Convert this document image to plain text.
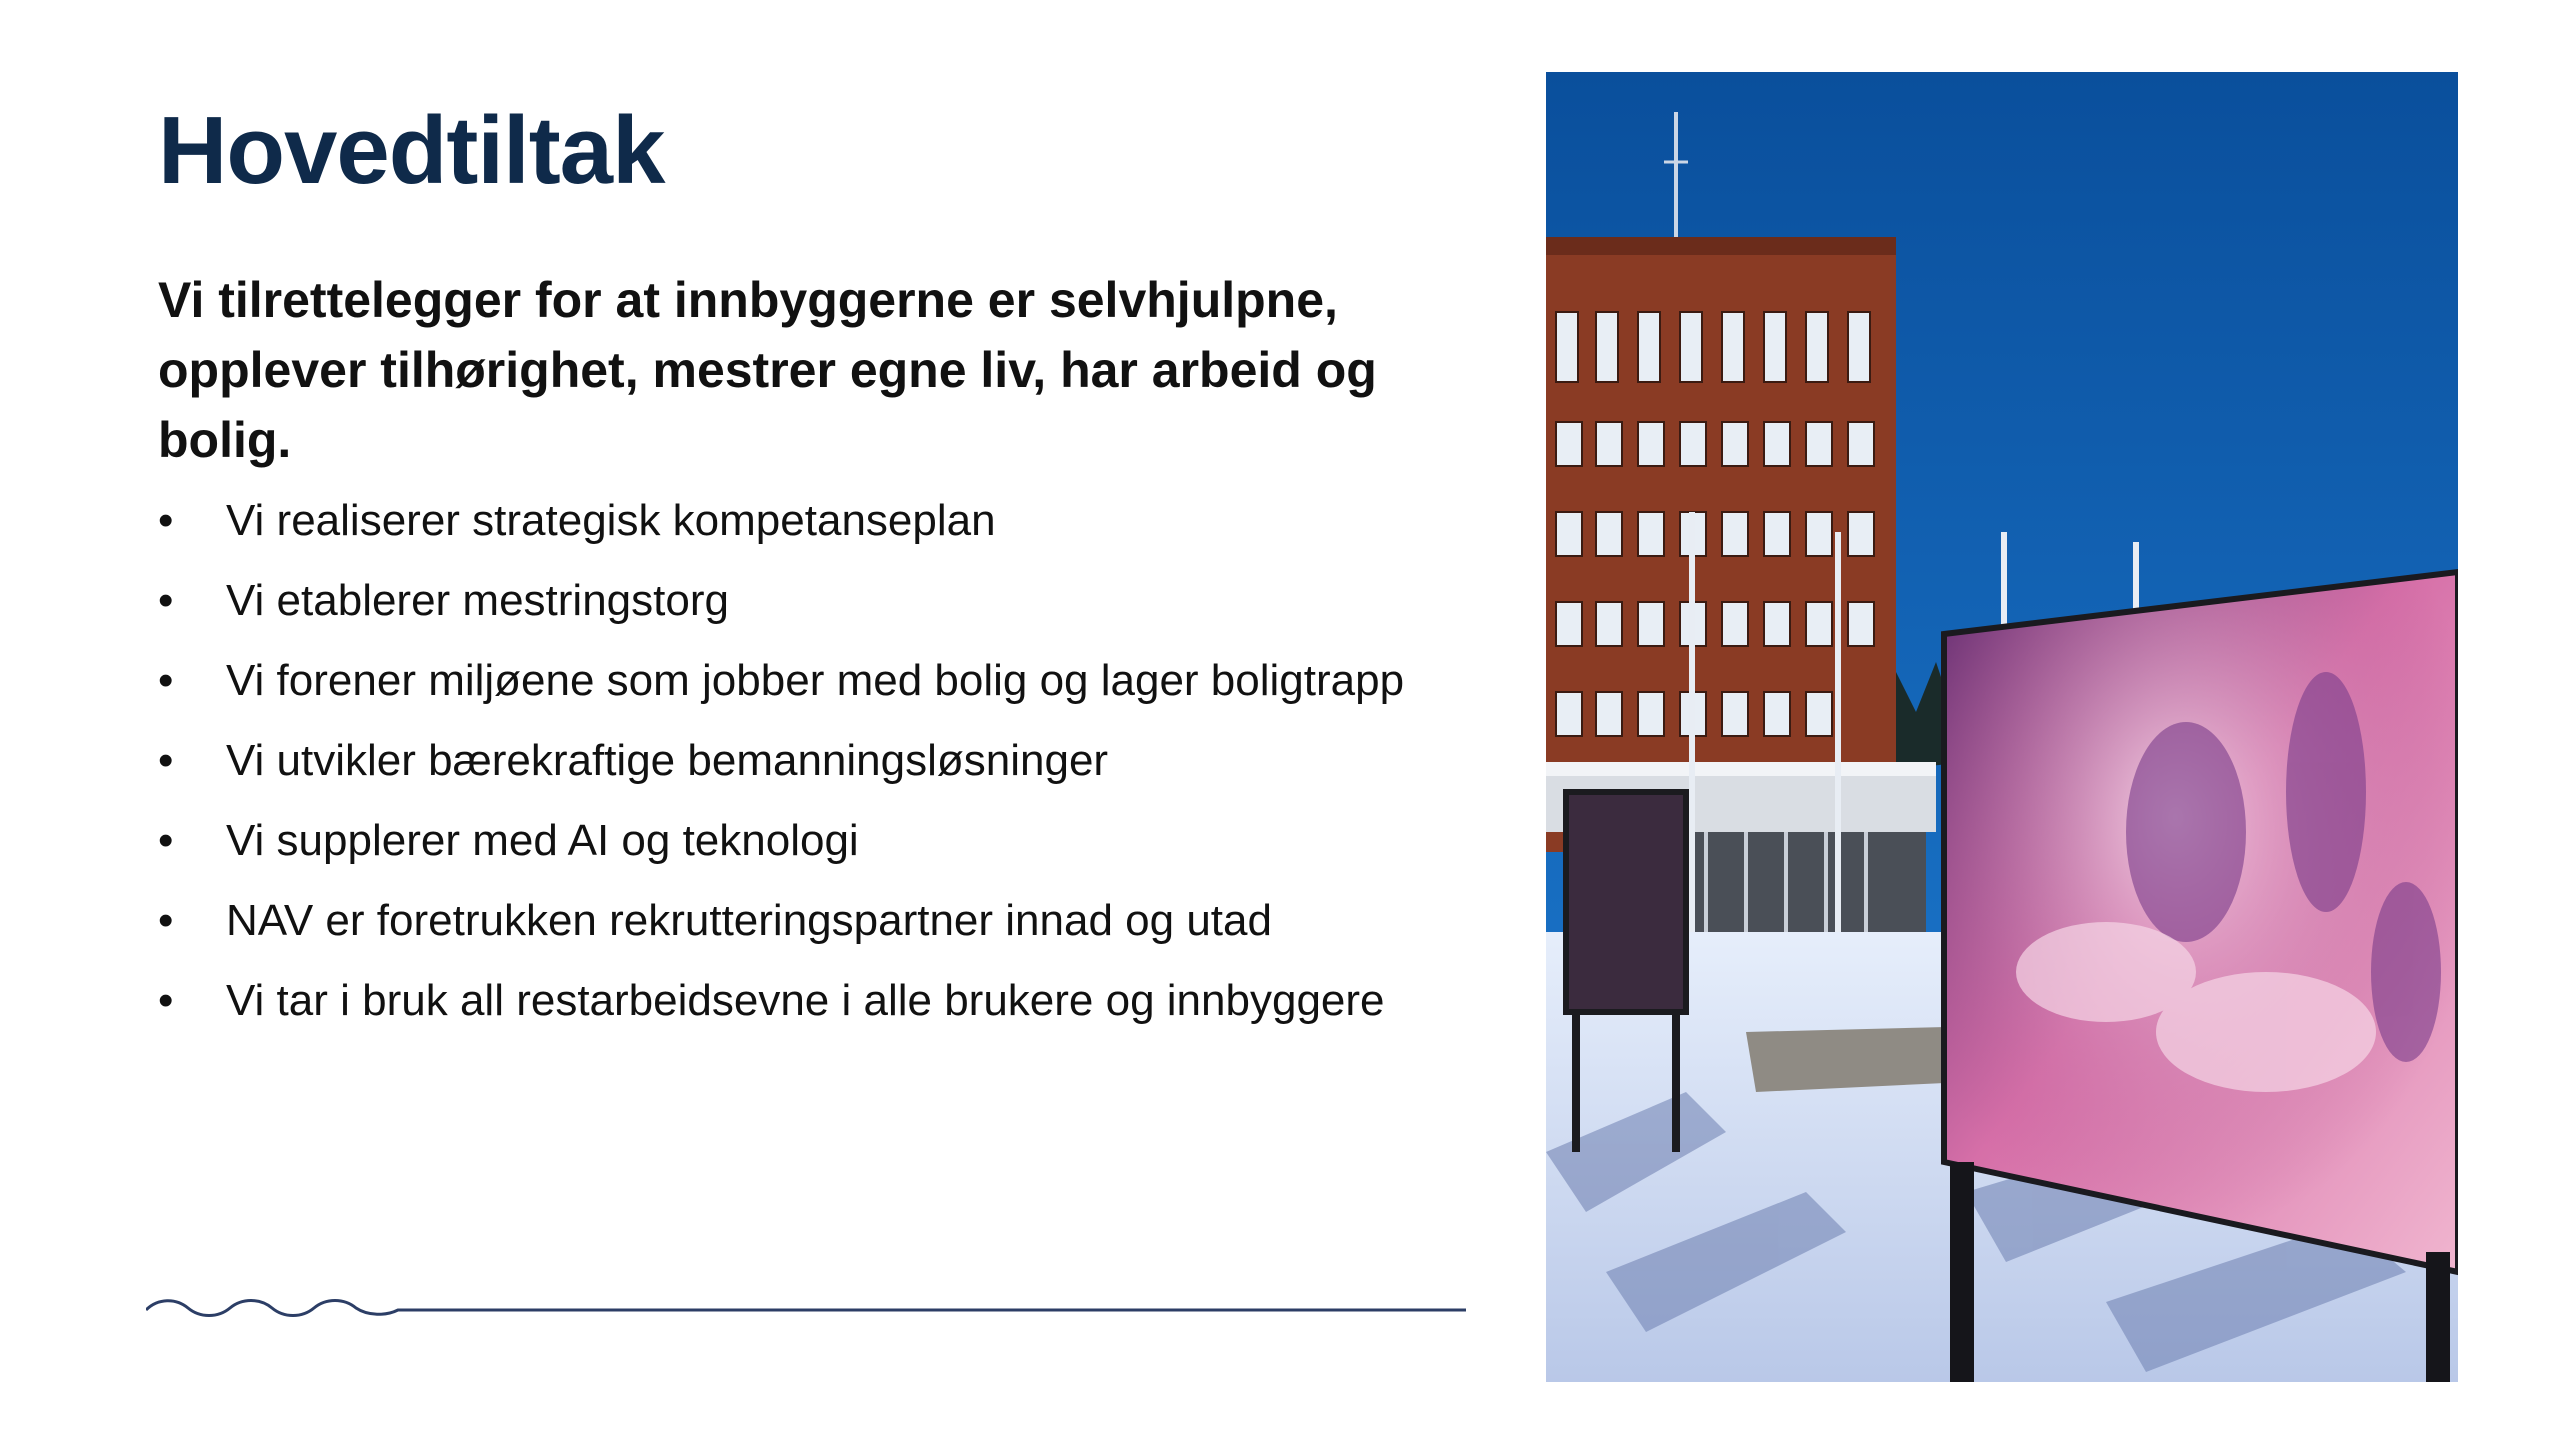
Hovedtiltak

Vi tilrettelegger for at innbyggerne er selvhjulpne, opplever tilhørighet, mestrer egne liv, har arbeid og bolig.

•	Vi realiserer strategisk kompetanseplan
•	Vi etablerer mestringstorg
•	Vi forener miljøene som jobber med bolig og lager boligtrapp
•	Vi utvikler bærekraftige bemanningsløsninger
•	Vi supplerer med AI og teknologi
•	NAV er foretrukken rekrutteringspartner innad og utad
•	Vi tar i bruk all restarbeidsevne i alle brukere og innbyggere
